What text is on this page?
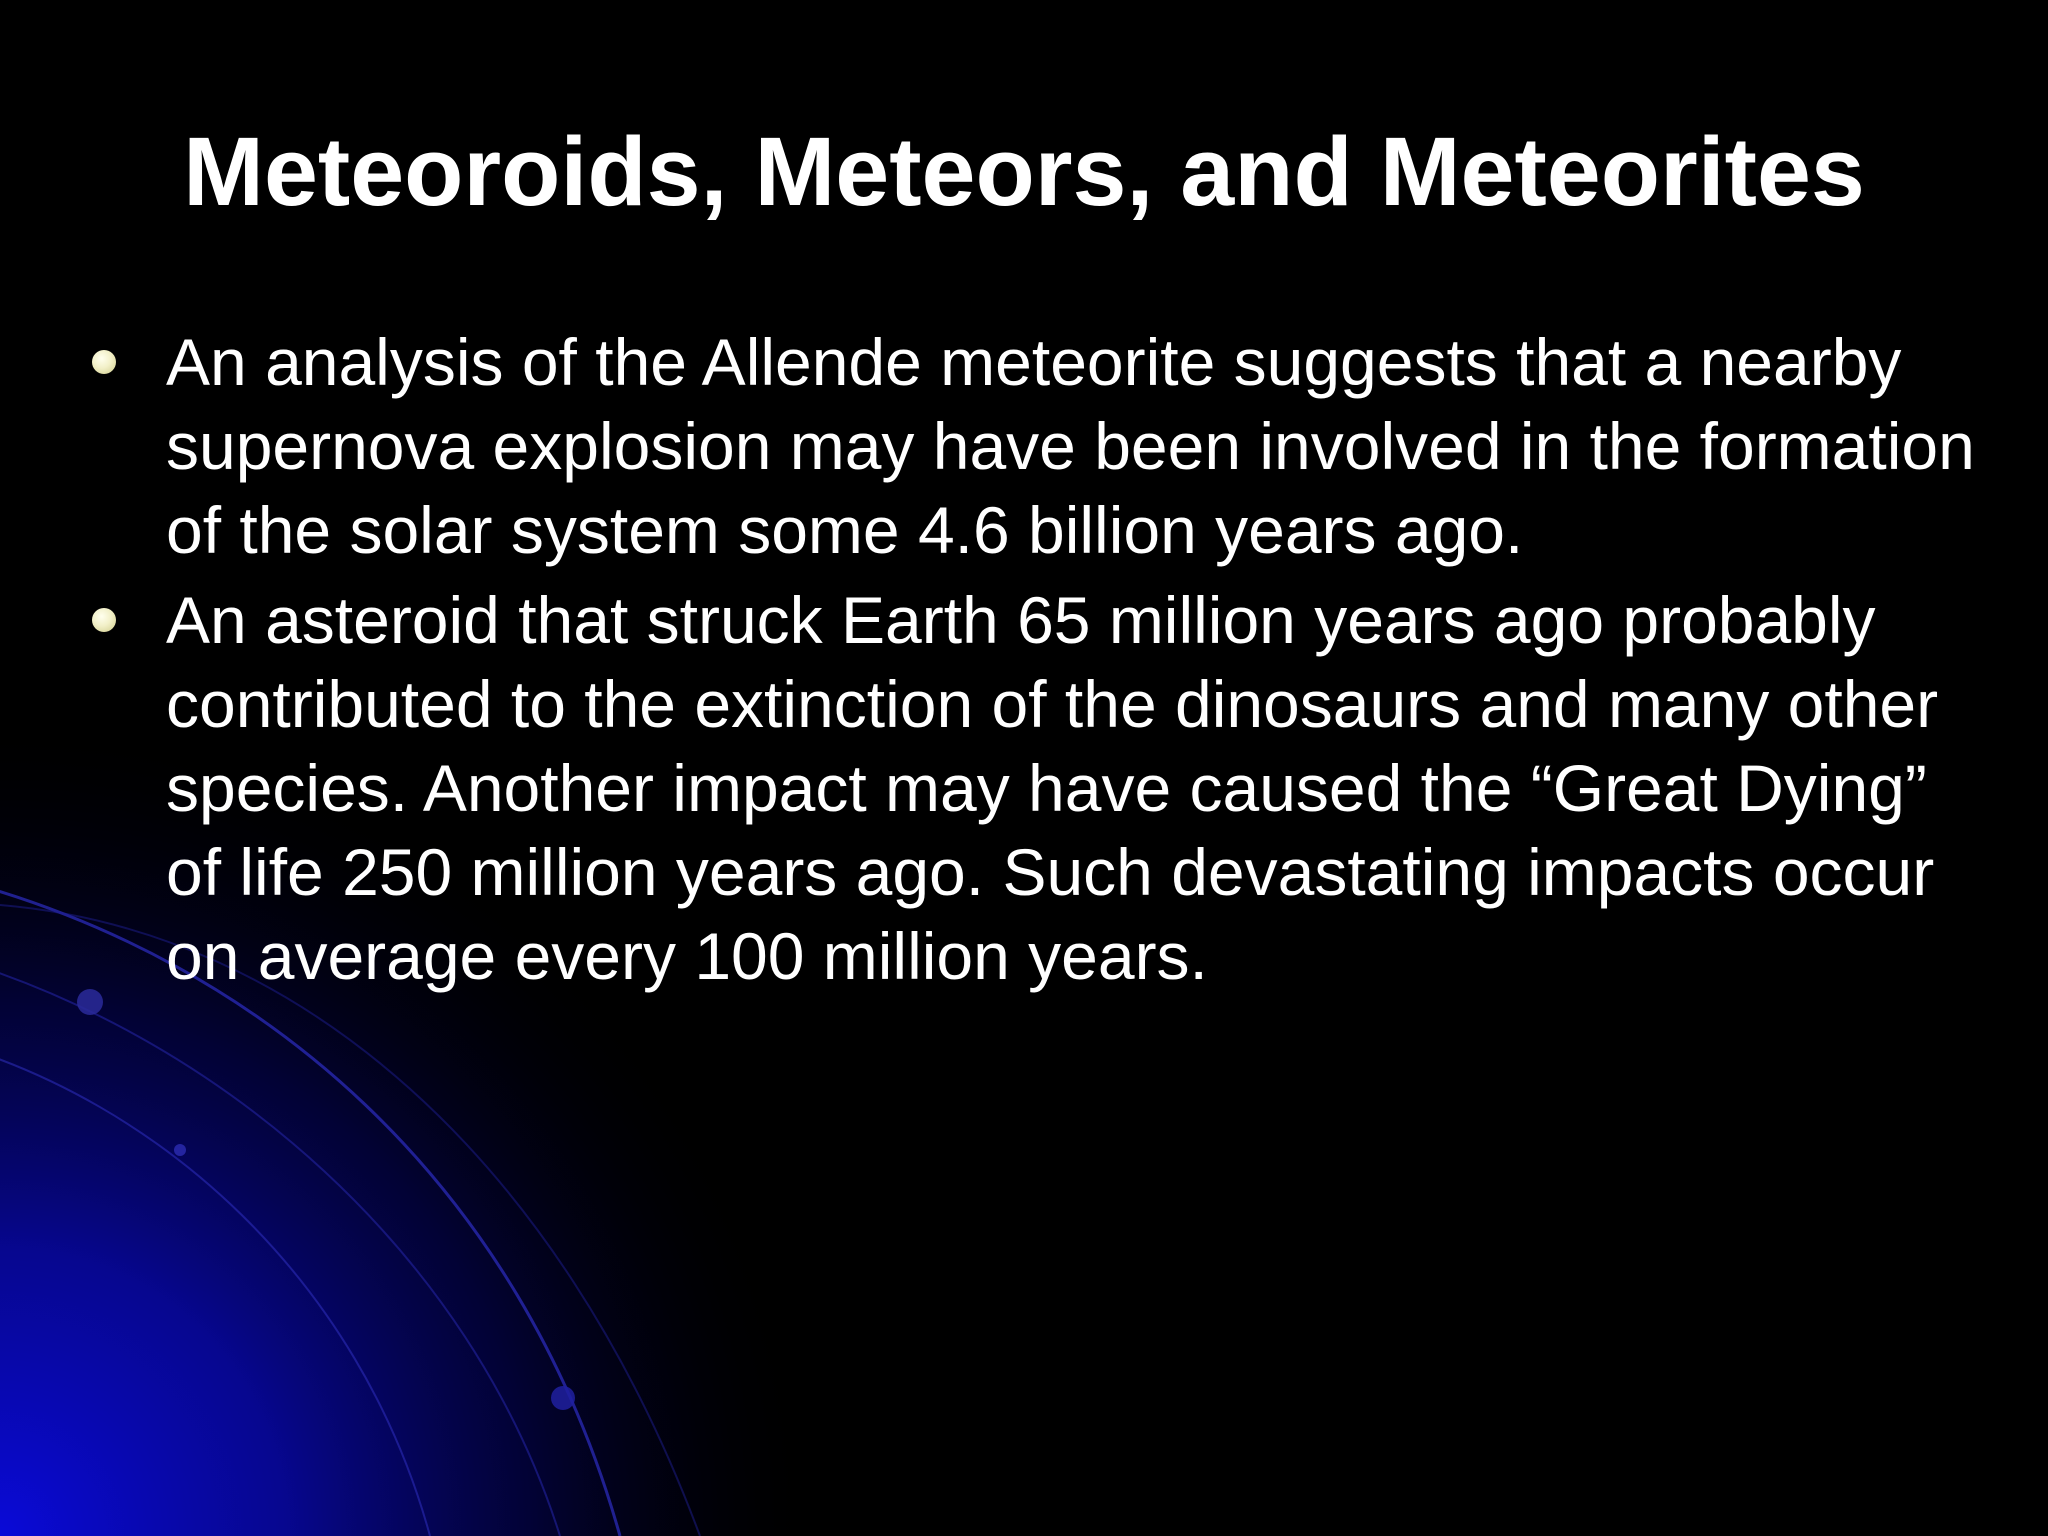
Meteoroids, Meteors, and Meteorites
An analysis of the Allende meteorite suggests that a nearby supernova explosion may have been involved in the formation of the solar system some 4.6 billion years ago.
An asteroid that struck Earth 65 million years ago probably contributed to the extinction of the dinosaurs and many other species. Another impact may have caused the “Great Dying” of life 250 million years ago. Such devastating impacts occur on average every 100 million years.
